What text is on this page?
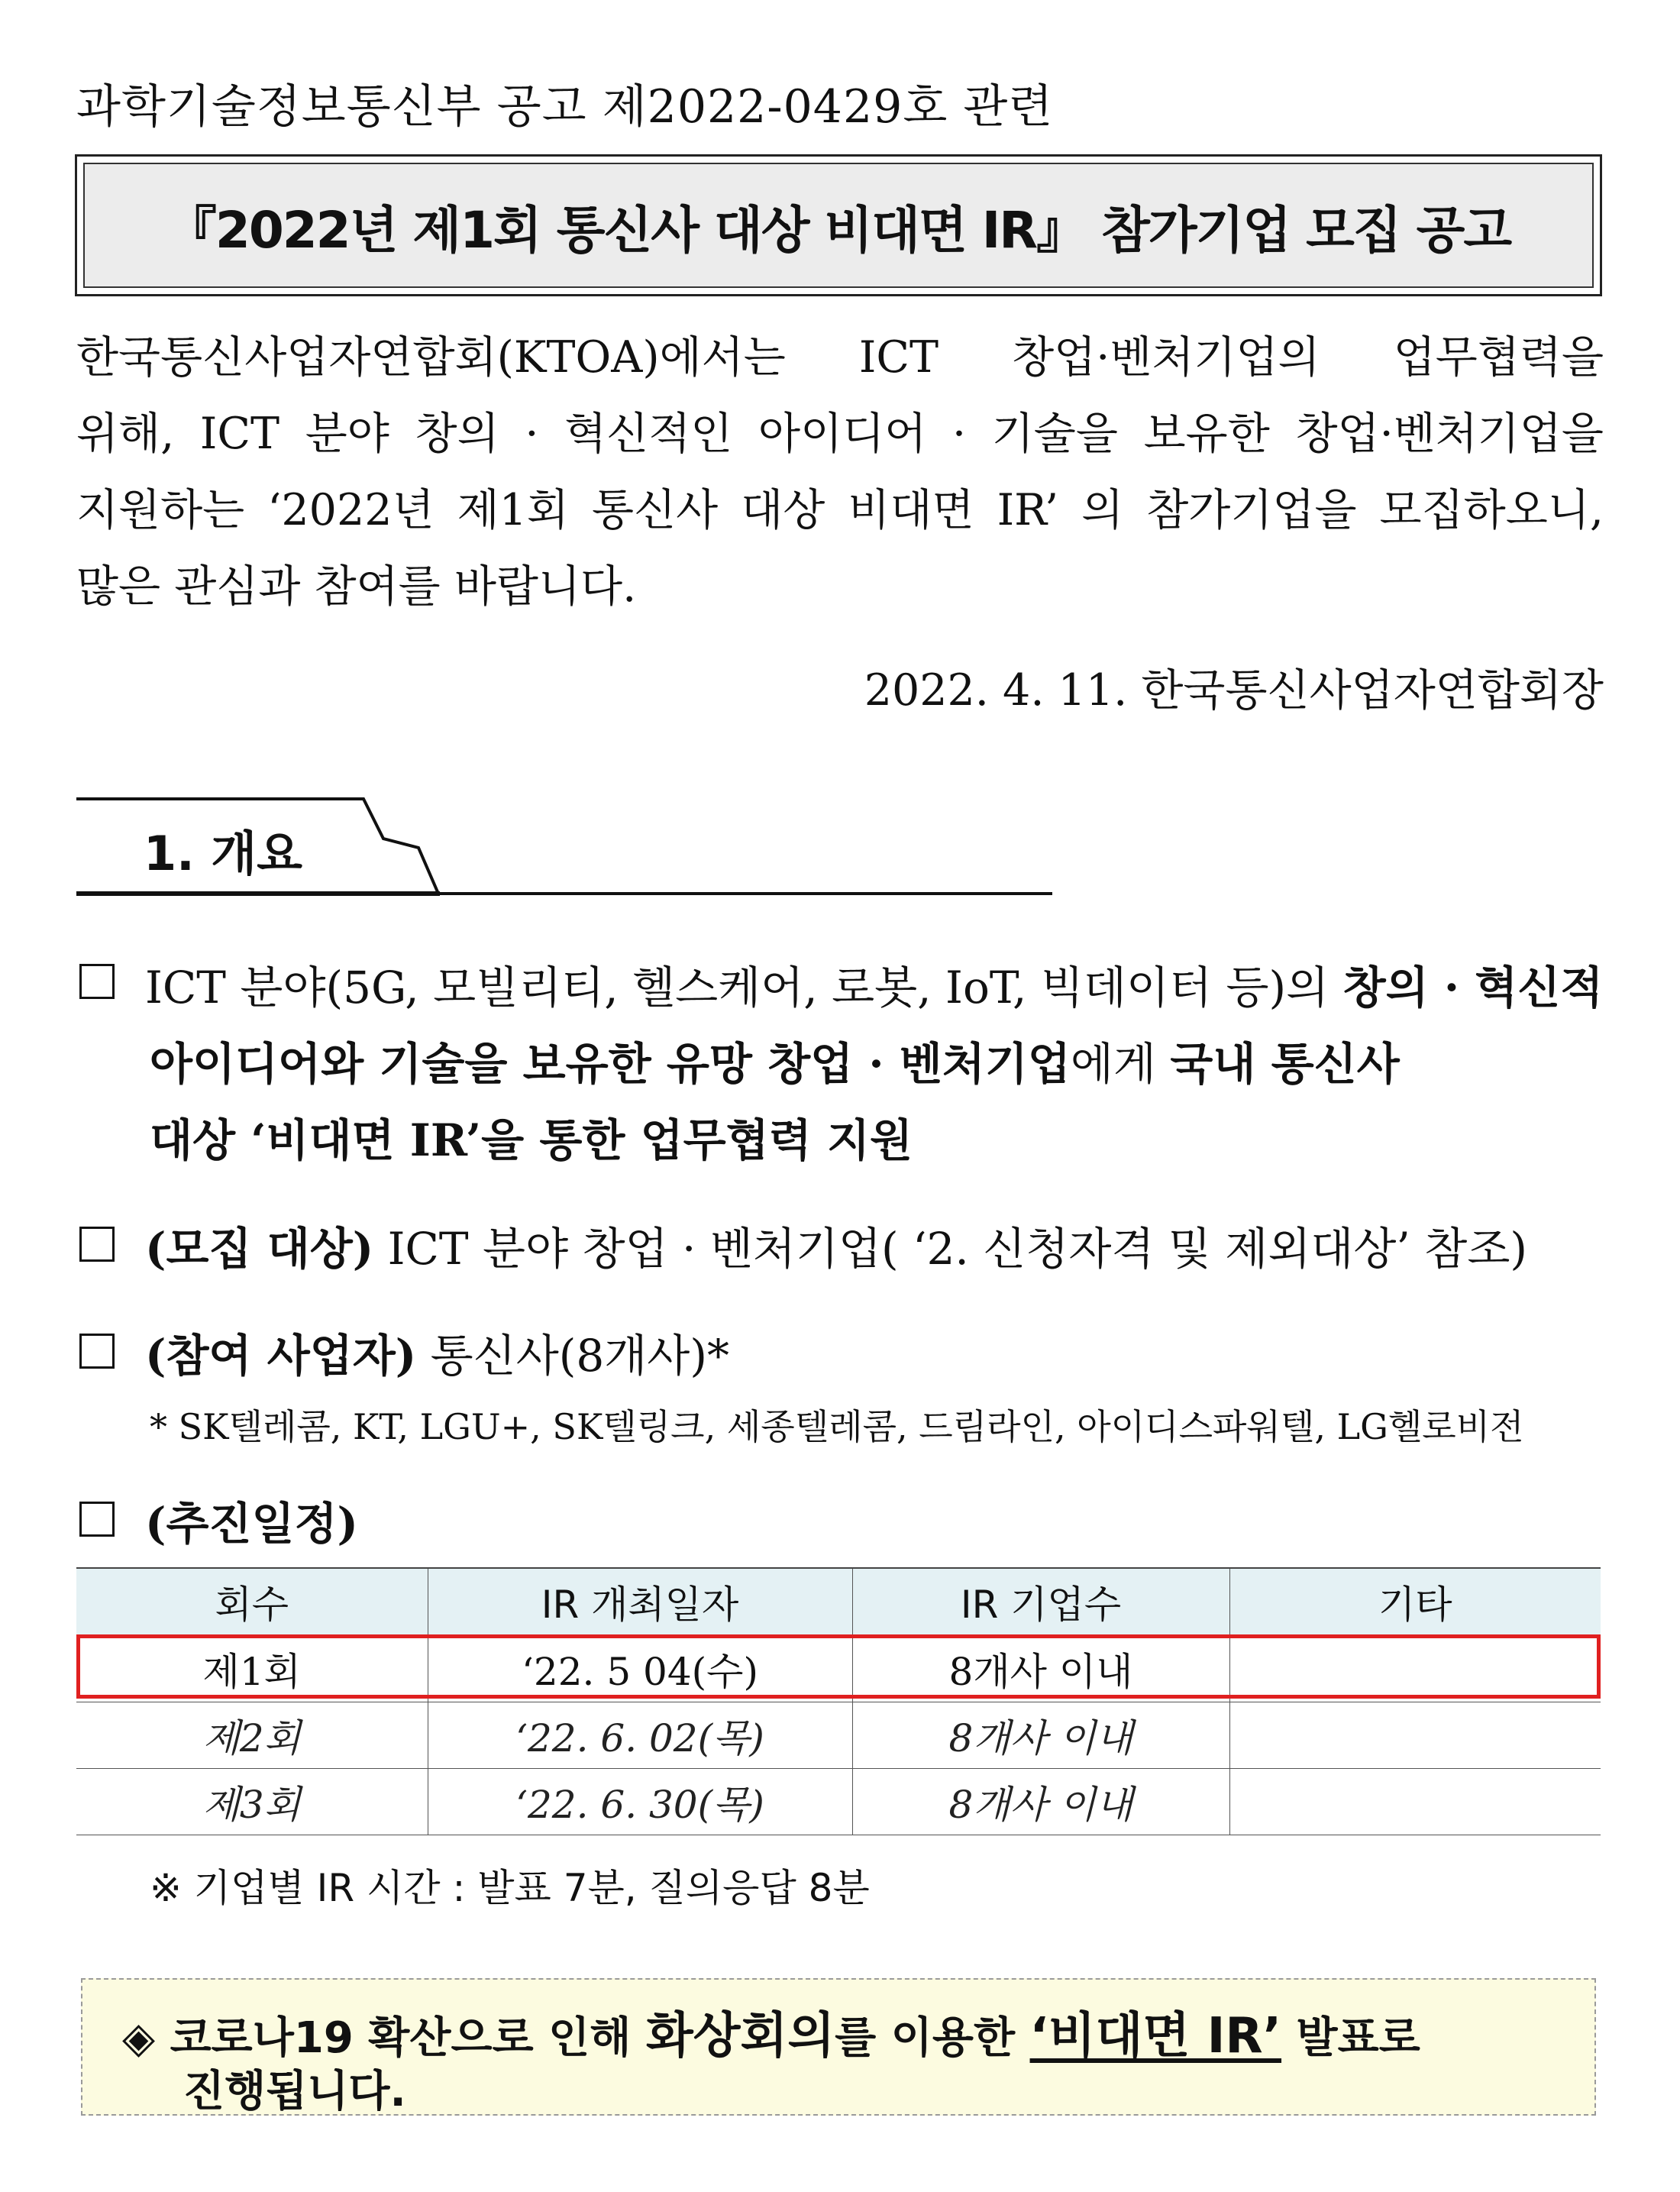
과학기술정보통신부 공고 제2022-0429호 관련
『2022년 제1회 통신사 대상 비대면 IR』 참가기업 모집 공고
한국통신사업자연합회(KTOA)에서는 ICT 창업·벤처기업의 업무협력을
위해, ICT 분야 창의 · 혁신적인 아이디어 · 기술을 보유한 창업·벤처기업을
지원하는 ‘2022년 제1회 통신사 대상 비대면 IR’ 의 참가기업을 모집하오니,
많은 관심과 참여를 바랍니다.
2022. 4. 11. 한국통신사업자연합회장
1. 개요
ICT 분야(5G, 모빌리티, 헬스케어, 로봇, IoT, 빅데이터 등)의 창의 · 혁신적
아이디어와 기술을 보유한 유망 창업 · 벤처기업에게 국내 통신사
대상 ‘비대면 IR’을 통한 업무협력 지원
(모집 대상) ICT 분야 창업 · 벤처기업( ‘2. 신청자격 및 제외대상’ 참조)
(참여 사업자) 통신사(8개사)*
* SK텔레콤, KT, LGU+, SK텔링크, 세종텔레콤, 드림라인, 아이디스파워텔, LG헬로비전
(추진일정)
회수	IR 개최일자	IR 기업수	기타
제1회	‘22. 5 04(수)	8개사 이내	
제2회	‘22. 6. 02(목)	8개사 이내	
제3회	‘22. 6. 30(목)	8개사 이내	
※ 기업별 IR 시간 : 발표 7분, 질의응답 8분
◈ 코로나19 확산으로 인해 화상회의를 이용한 ‘비대면 IR’ 발표로
진행됩니다.
